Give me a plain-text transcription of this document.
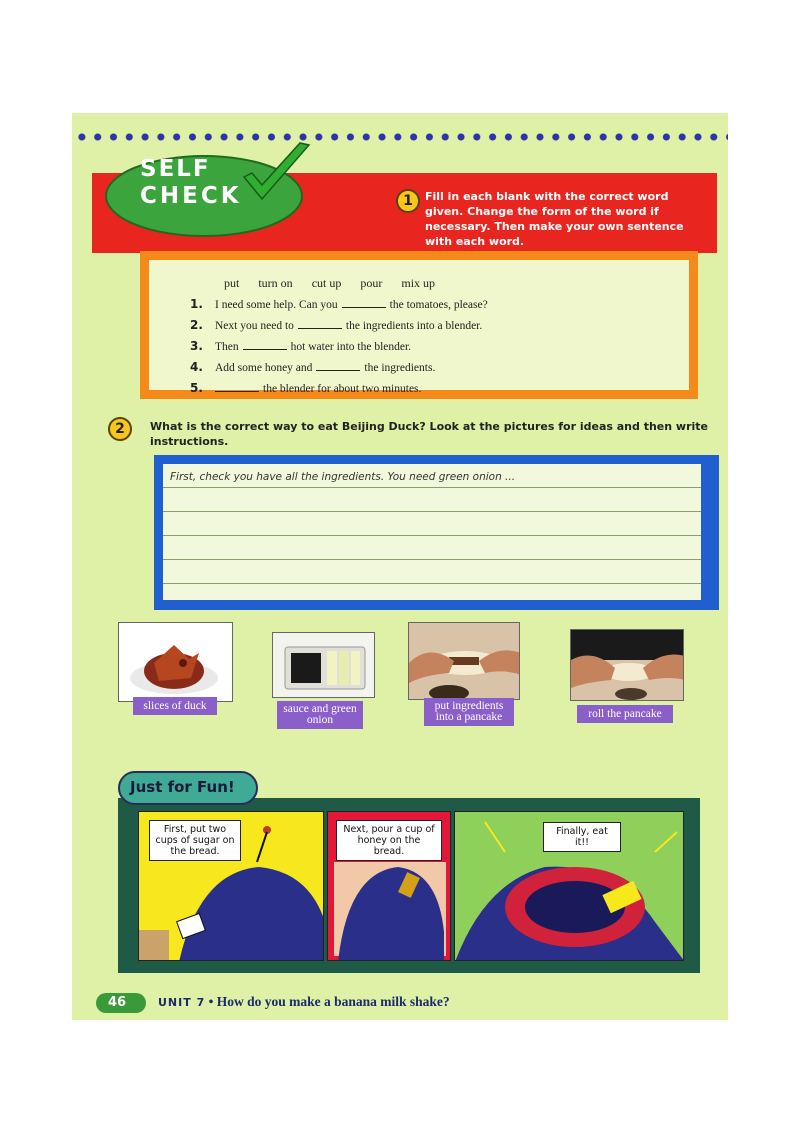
SELF
CHECK	1	Fill in each blank with the correct word given. Change the form of the word if necessary. Then make your own sentence with each word.
put turn on cut up pour mix up
1. I need some help. Can you	the tomatoes, please?
2. Next you need to	the ingredients into a blender.
3. Then	hot water into the blender.
4. Add some honey and	the ingredients.
5.	the blender for about two minutes.
2	What is the correct way to eat Beijing Duck? Look at the pictures for ideas and then write instructions.
First, check you have all the ingredients. You need green onion ...
slices of duck	sauce and green onion
put ingredients into a pancake	roll the pancake
Just for Fun!
First, put two cups of sugar on the bread.
Next, pour a cup of honey on the bread.
Finally, eat it!!
46	UNIT 7 • How do you make a banana milk shake?
